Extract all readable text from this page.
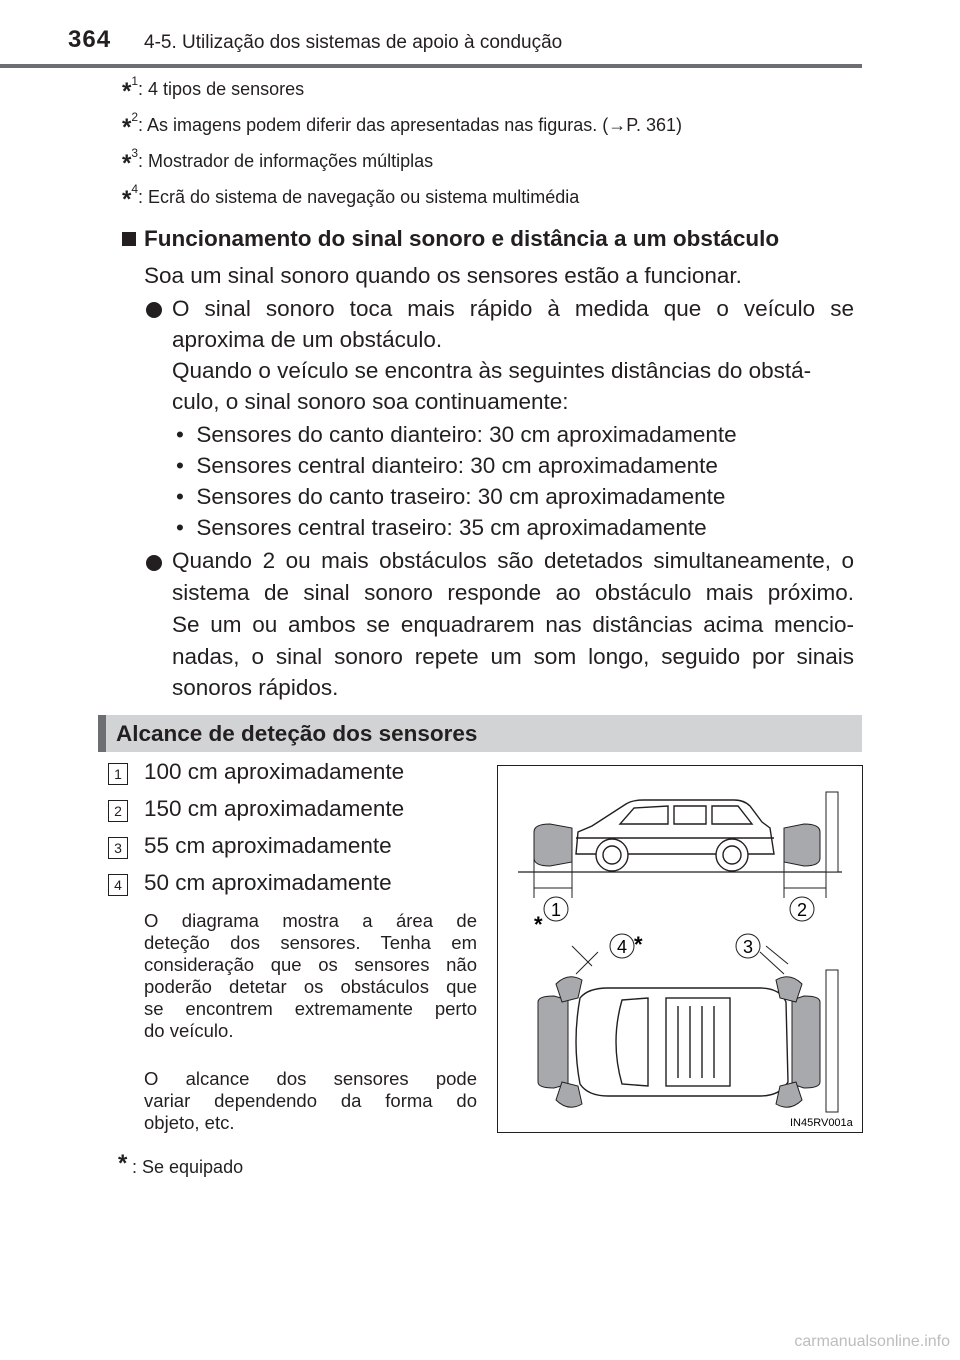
364 4-5. Utilização dos sistemas de apoio à condução
*$^1$: 4 tipos de sensores
*$^2$: As imagens podem diferir das apresentadas nas figuras. (→P. 361)
*$^3$: Mostrador de informações múltiplas
*$^4$: Ecrã do sistema de navegação ou sistema multimédia
Funcionamento do sinal sonoro e distância a um obstáculo
Soa um sinal sonoro quando os sensores estão a funcionar.
O sinal sonoro toca mais rápido à medida que o veículo se
aproxima de um obstáculo.
Quando o veículo se encontra às seguintes distâncias do obstá-
culo, o sinal sonoro soa continuamente:
•  Sensores do canto dianteiro: 30 cm aproximadamente
•  Sensores central dianteiro: 30 cm aproximadamente
•  Sensores do canto traseiro: 30 cm aproximadamente
•  Sensores central traseiro: 35 cm aproximadamente
Quando 2 ou mais obstáculos são detetados simultaneamente, o
sistema de sinal sonoro responde ao obstáculo mais próximo.
Se um ou ambos se enquadrarem nas distâncias acima mencio-
nadas, o sinal sonoro repete um som longo, seguido por sinais
sonoros rápidos.
Alcance de deteção dos sensores
1 100 cm aproximadamente
2 150 cm aproximadamente
3 55 cm aproximadamente
4 50 cm aproximadamente
O diagrama mostra a área de
deteção dos sensores. Tenha em
consideração que os sensores não
poderão detetar os obstáculos que
se encontrem extremamente perto
do veículo.
O alcance dos sensores pode
variar dependendo da forma do
objeto, etc.
1	2
*
4 *	3
IN45RV001a
* : Se equipado
carmanualsonline.info
